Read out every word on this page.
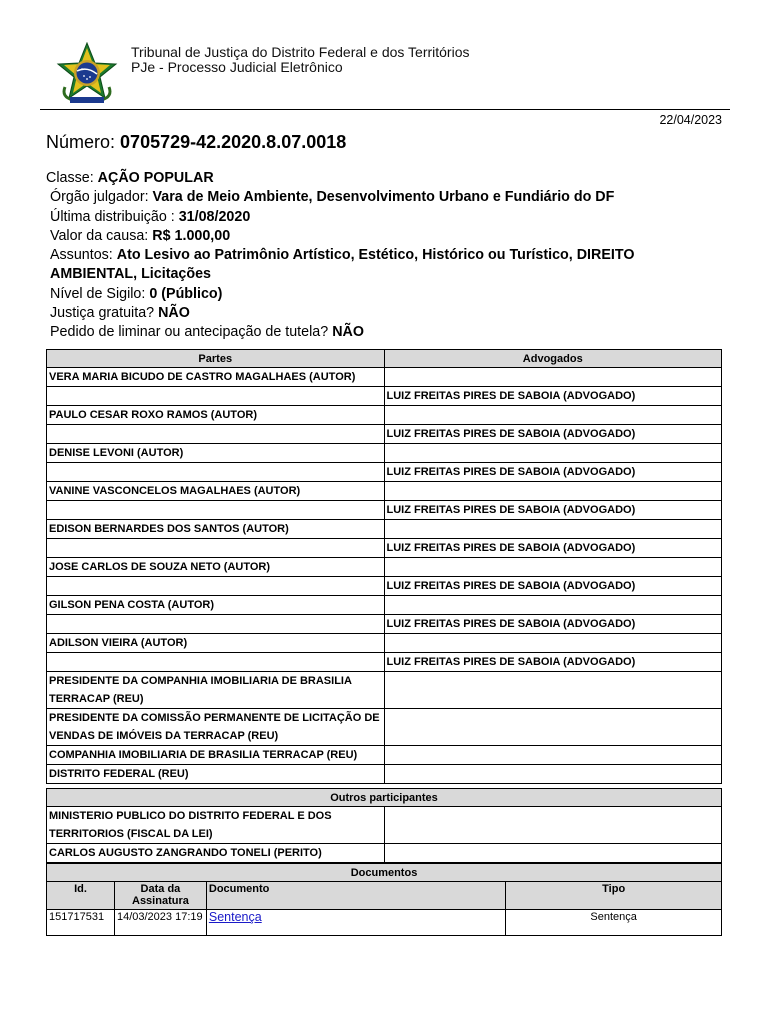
Tribunal de Justiça do Distrito Federal e dos Territórios
PJe - Processo Judicial Eletrônico
22/04/2023
Número: 0705729-42.2020.8.07.0018
Classe: AÇÃO POPULAR
Órgão julgador: Vara de Meio Ambiente, Desenvolvimento Urbano e Fundiário do DF
Última distribuição : 31/08/2020
Valor da causa: R$ 1.000,00
Assuntos: Ato Lesivo ao Patrimônio Artístico, Estético, Histórico ou Turístico, DIREITO AMBIENTAL, Licitações
Nível de Sigilo: 0 (Público)
Justiça gratuita? NÃO
Pedido de liminar ou antecipação de tutela? NÃO
Partes	Advogados
VERA MARIA BICUDO DE CASTRO MAGALHAES (AUTOR)	
	LUIZ FREITAS PIRES DE SABOIA (ADVOGADO)
PAULO CESAR ROXO RAMOS (AUTOR)	
	LUIZ FREITAS PIRES DE SABOIA (ADVOGADO)
DENISE LEVONI (AUTOR)	
	LUIZ FREITAS PIRES DE SABOIA (ADVOGADO)
VANINE VASCONCELOS MAGALHAES (AUTOR)	
	LUIZ FREITAS PIRES DE SABOIA (ADVOGADO)
EDISON BERNARDES DOS SANTOS (AUTOR)	
	LUIZ FREITAS PIRES DE SABOIA (ADVOGADO)
JOSE CARLOS DE SOUZA NETO (AUTOR)	
	LUIZ FREITAS PIRES DE SABOIA (ADVOGADO)
GILSON PENA COSTA (AUTOR)	
	LUIZ FREITAS PIRES DE SABOIA (ADVOGADO)
ADILSON VIEIRA (AUTOR)	
	LUIZ FREITAS PIRES DE SABOIA (ADVOGADO)
PRESIDENTE DA COMPANHIA IMOBILIARIA DE BRASILIA TERRACAP (REU)	
PRESIDENTE DA COMISSÃO PERMANENTE DE LICITAÇÃO DE VENDAS DE IMÓVEIS DA TERRACAP (REU)	
COMPANHIA IMOBILIARIA DE BRASILIA TERRACAP (REU)	
DISTRITO FEDERAL (REU)	
Outros participantes	
MINISTERIO PUBLICO DO DISTRITO FEDERAL E DOS TERRITORIOS (FISCAL DA LEI)	
CARLOS AUGUSTO ZANGRANDO TONELI (PERITO)	
Documentos			
Id.	Data da Assinatura	Documento	Tipo
151717531	14/03/2023 17:19	Sentença	Sentença
